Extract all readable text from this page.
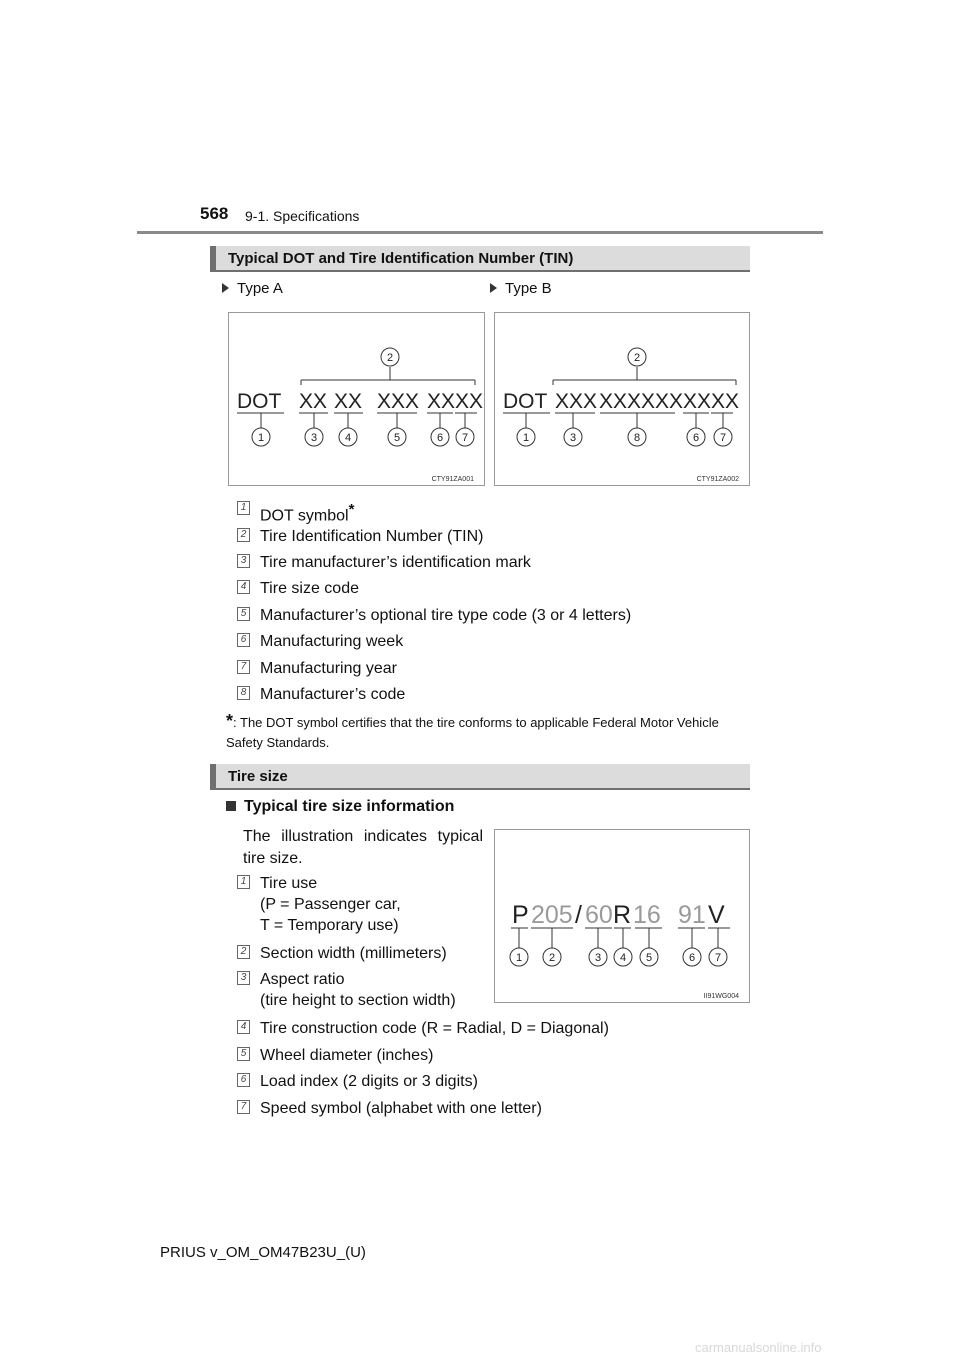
568 9-1. Specifications
Typical DOT and Tire Identification Number (TIN)
Type A	Type B
DOT XX XX XXX XXXX
1
2
3	4	5	6 7
CTY91ZA001
DOT XXX XXXXXX XXXX
1
2
3	8	6 7
CTY91ZA002
1 DOT symbol*
2 Tire Identification Number (TIN)
3 Tire manufacturer’s identification mark
4 Tire size code
5 Manufacturer’s optional tire type code (3 or 4 letters)
6 Manufacturing week
7 Manufacturing year
8 Manufacturer’s code
*: The DOT symbol certifies that the tire conforms to applicable Federal Motor Vehicle Safety Standards.
Tire size
Typical tire size information
The illustration indicates typical tire size.
P 205 / 60 R 16 91 V
1 2	3 4 5	6 7
II91WG004
1 Tire use
(P = Passenger car,
T = Temporary use)
2 Section width (millimeters)
3 Aspect ratio
(tire height to section width)
4 Tire construction code (R = Radial, D = Diagonal)
5 Wheel diameter (inches)
6 Load index (2 digits or 3 digits)
7 Speed symbol (alphabet with one letter)
PRIUS v_OM_OM47B23U_(U)
carmanualsonline.info
